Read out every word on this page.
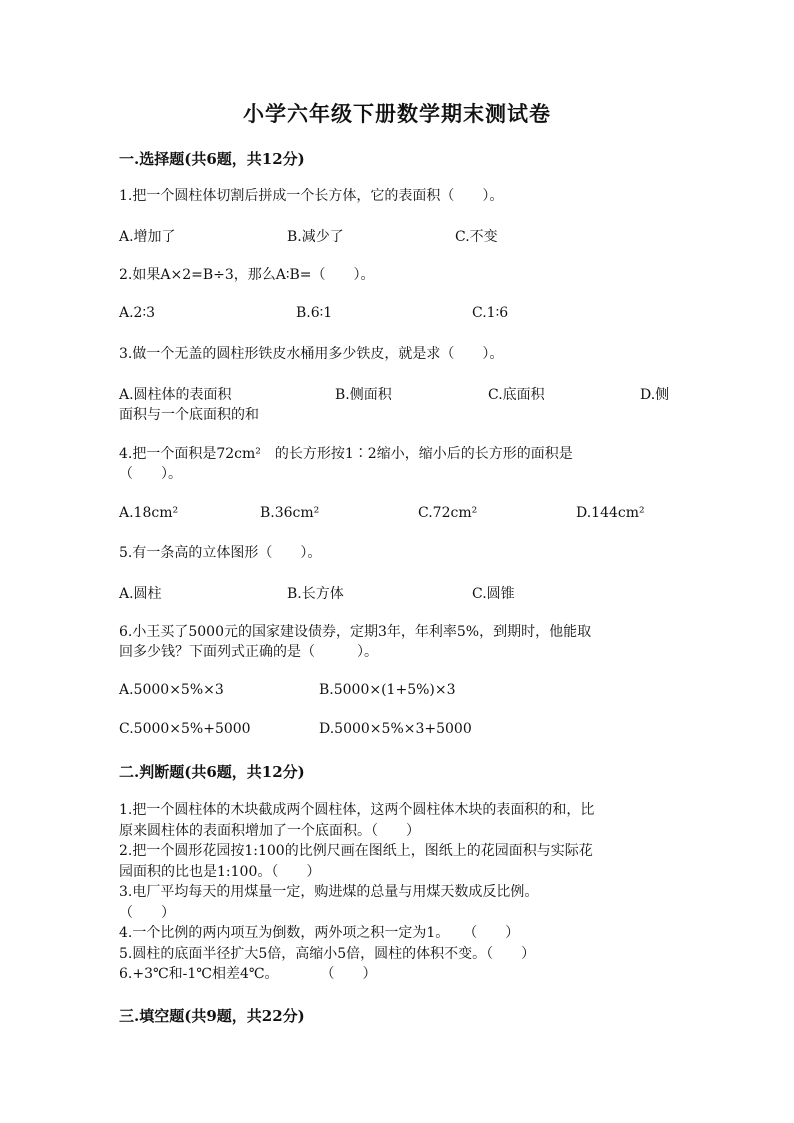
小学六年级下册数学期末测试卷
一.选择题(共6题，共12分)
1.把一个圆柱体切割后拼成一个长方体，它的表面积（　　）。
A.增加了	B.减少了	C.不变
2.如果A×2=B÷3，那么A∶B=（　　）。
A.2∶3	B.6∶1	C.1∶6
3.做一个无盖的圆柱形铁皮水桶用多少铁皮，就是求（　　）。
A.圆柱体的表面积	B.侧面积	C.底面积	D.侧
面积与一个底面积的和
4.把一个面积是72cm²　的长方形按1∶2缩小，缩小后的长方形的面积是
（　　）。
A.18cm²	B.36cm²	C.72cm²	D.144cm²
5.有一条高的立体图形（　　）。
A.圆柱	B.长方体	C.圆锥
6.小王买了5000元的国家建设债券，定期3年，年利率5%，到期时，他能取
回多少钱？下面列式正确的是（　　　）。
A.5000×5%×3	B.5000×(1+5%)×3
C.5000×5%+5000	D.5000×5%×3+5000
二.判断题(共6题，共12分)
1.把一个圆柱体的木块截成两个圆柱体，这两个圆柱体木块的表面积的和，比
原来圆柱体的表面积增加了一个底面积。（　　）
2.把一个圆形花园按1:100的比例尺画在图纸上，图纸上的花园面积与实际花
园面积的比也是1:100。（　　）
3.电厂平均每天的用煤量一定，购进煤的总量与用煤天数成反比例。
（　　）
4.一个比例的两内项互为倒数，两外项之积一定为1。　　（　　）
5.圆柱的底面半径扩大5倍，高缩小5倍，圆柱的体积不变。（　　）
6.+3℃和-1℃相差4℃。　　　　（　　）
三.填空题(共9题，共22分)
